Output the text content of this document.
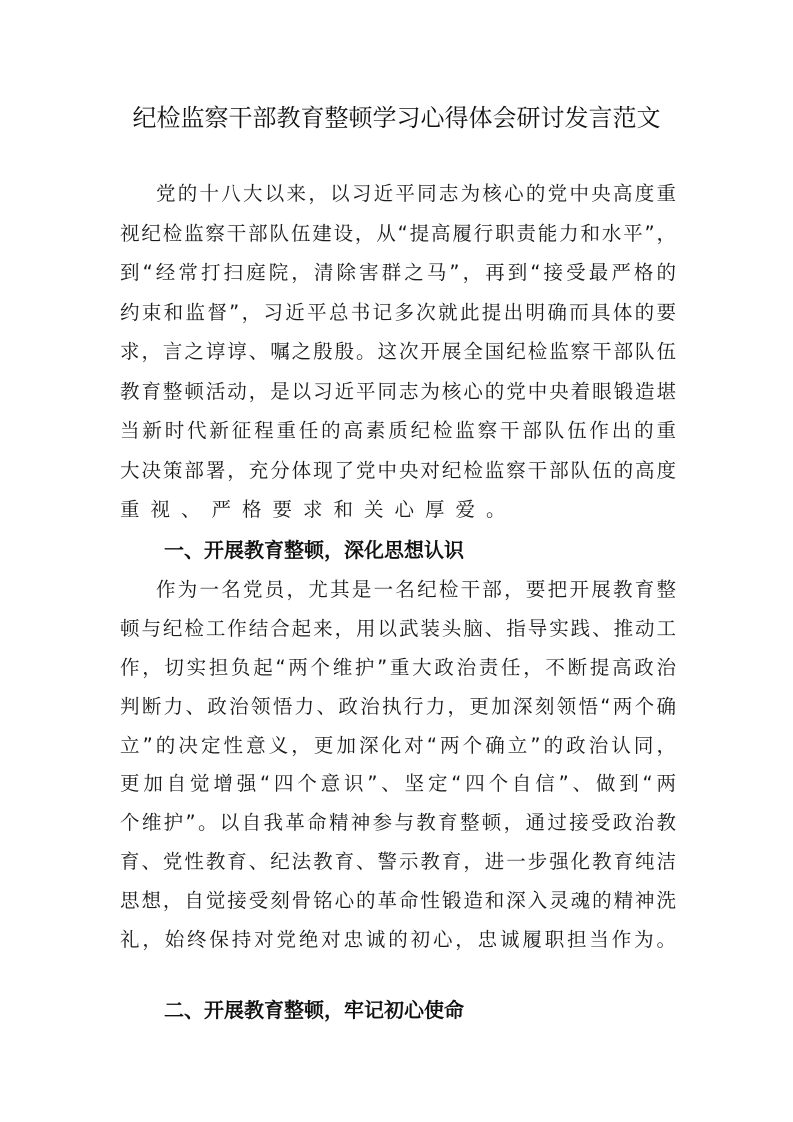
纪检监察干部教育整顿学习心得体会研讨发言范文
党的十八大以来，以习近平同志为核心的党中央高度重
视纪检监察干部队伍建设，从“提高履行职责能力和水平”，
到“经常打扫庭院，清除害群之马”，再到“接受最严格的
约束和监督”，习近平总书记多次就此提出明确而具体的要
求，言之谆谆、嘱之殷殷。这次开展全国纪检监察干部队伍
教育整顿活动，是以习近平同志为核心的党中央着眼锻造堪
当新时代新征程重任的高素质纪检监察干部队伍作出的重
大决策部署，充分体现了党中央对纪检监察干部队伍的高度
重视、严格要求和关心厚爱。
一、开展教育整顿，深化思想认识
作为一名党员，尤其是一名纪检干部，要把开展教育整
顿与纪检工作结合起来，用以武装头脑、指导实践、推动工
作，切实担负起“两个维护”重大政治责任，不断提高政治
判断力、政治领悟力、政治执行力，更加深刻领悟“两个确
立”的决定性意义，更加深化对“两个确立”的政治认同，
更加自觉增强“四个意识”、坚定“四个自信”、做到“两
个维护”。以自我革命精神参与教育整顿，通过接受政治教
育、党性教育、纪法教育、警示教育，进一步强化教育纯洁
思想，自觉接受刻骨铭心的革命性锻造和深入灵魂的精神洗
礼，始终保持对党绝对忠诚的初心，忠诚履职担当作为。
二、开展教育整顿，牢记初心使命
